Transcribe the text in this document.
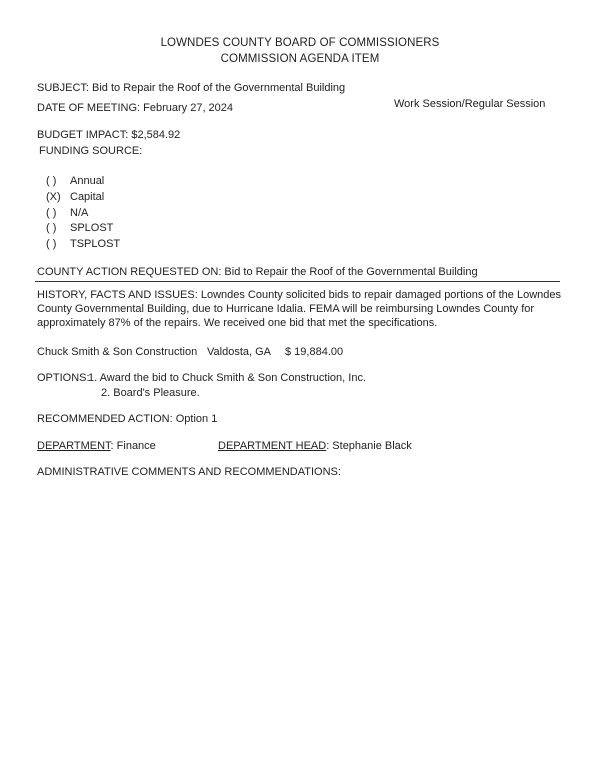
LOWNDES COUNTY BOARD OF COMMISSIONERS
COMMISSION AGENDA ITEM
SUBJECT: Bid to Repair the Roof of the Governmental Building
DATE OF MEETING: February 27, 2024	Work Session/Regular Session
BUDGET IMPACT: $2,584.92
FUNDING SOURCE:
( ) Annual
(X) Capital
( ) N/A
( ) SPLOST
( ) TSPLOST
COUNTY ACTION REQUESTED ON: Bid to Repair the Roof of the Governmental Building
HISTORY, FACTS AND ISSUES: Lowndes County solicited bids to repair damaged portions of the Lowndes
County Governmental Building, due to Hurricane Idalia. FEMA will be reimbursing Lowndes County for
approximately 87% of the repairs. We received one bid that met the specifications.
Chuck Smith & Son Construction Valdosta, GA $ 19,884.00
OPTIONS:
1. Award the bid to Chuck Smith & Son Construction, Inc.
2. Board's Pleasure.
RECOMMENDED ACTION: Option 1
DEPARTMENT: Finance	DEPARTMENT HEAD: Stephanie Black
ADMINISTRATIVE COMMENTS AND RECOMMENDATIONS:
